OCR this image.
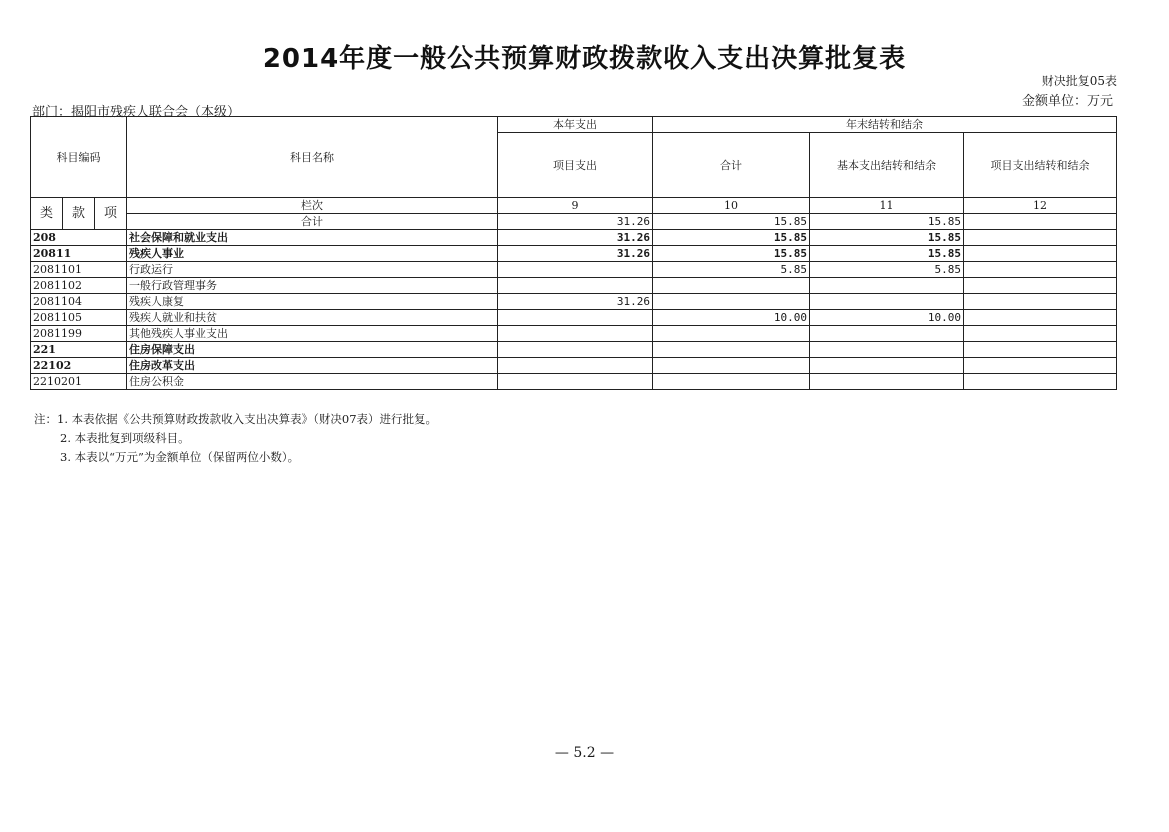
2014年度一般公共预算财政拨款收入支出决算批复表
财决批复05表
金额单位：万元
部门：揭阳市残疾人联合会（本级）
科目编码			科目名称	本年支出	年末结转和结余		
				项目支出	合计	基本支出结转和结余	项目支出结转和结余
类	款	项	栏次	9	10	11	12
			合计	31.26	15.85	15.85	
208			社会保障和就业支出	31.26	15.85	15.85	
20811			残疾人事业	31.26	15.85	15.85	
2081101			行政运行		5.85	5.85	
2081102			一般行政管理事务				
2081104			残疾人康复	31.26			
2081105			残疾人就业和扶贫		10.00	10.00	
2081199			其他残疾人事业支出				
221			住房保障支出				
22102			住房改革支出				
2210201			住房公积金				
注：1. 本表依据《公共预算财政拨款收入支出决算表》（财决07表）进行批复。
2. 本表批复到项级科目。
3. 本表以“万元”为金额单位（保留两位小数）。
— 5.2 —
